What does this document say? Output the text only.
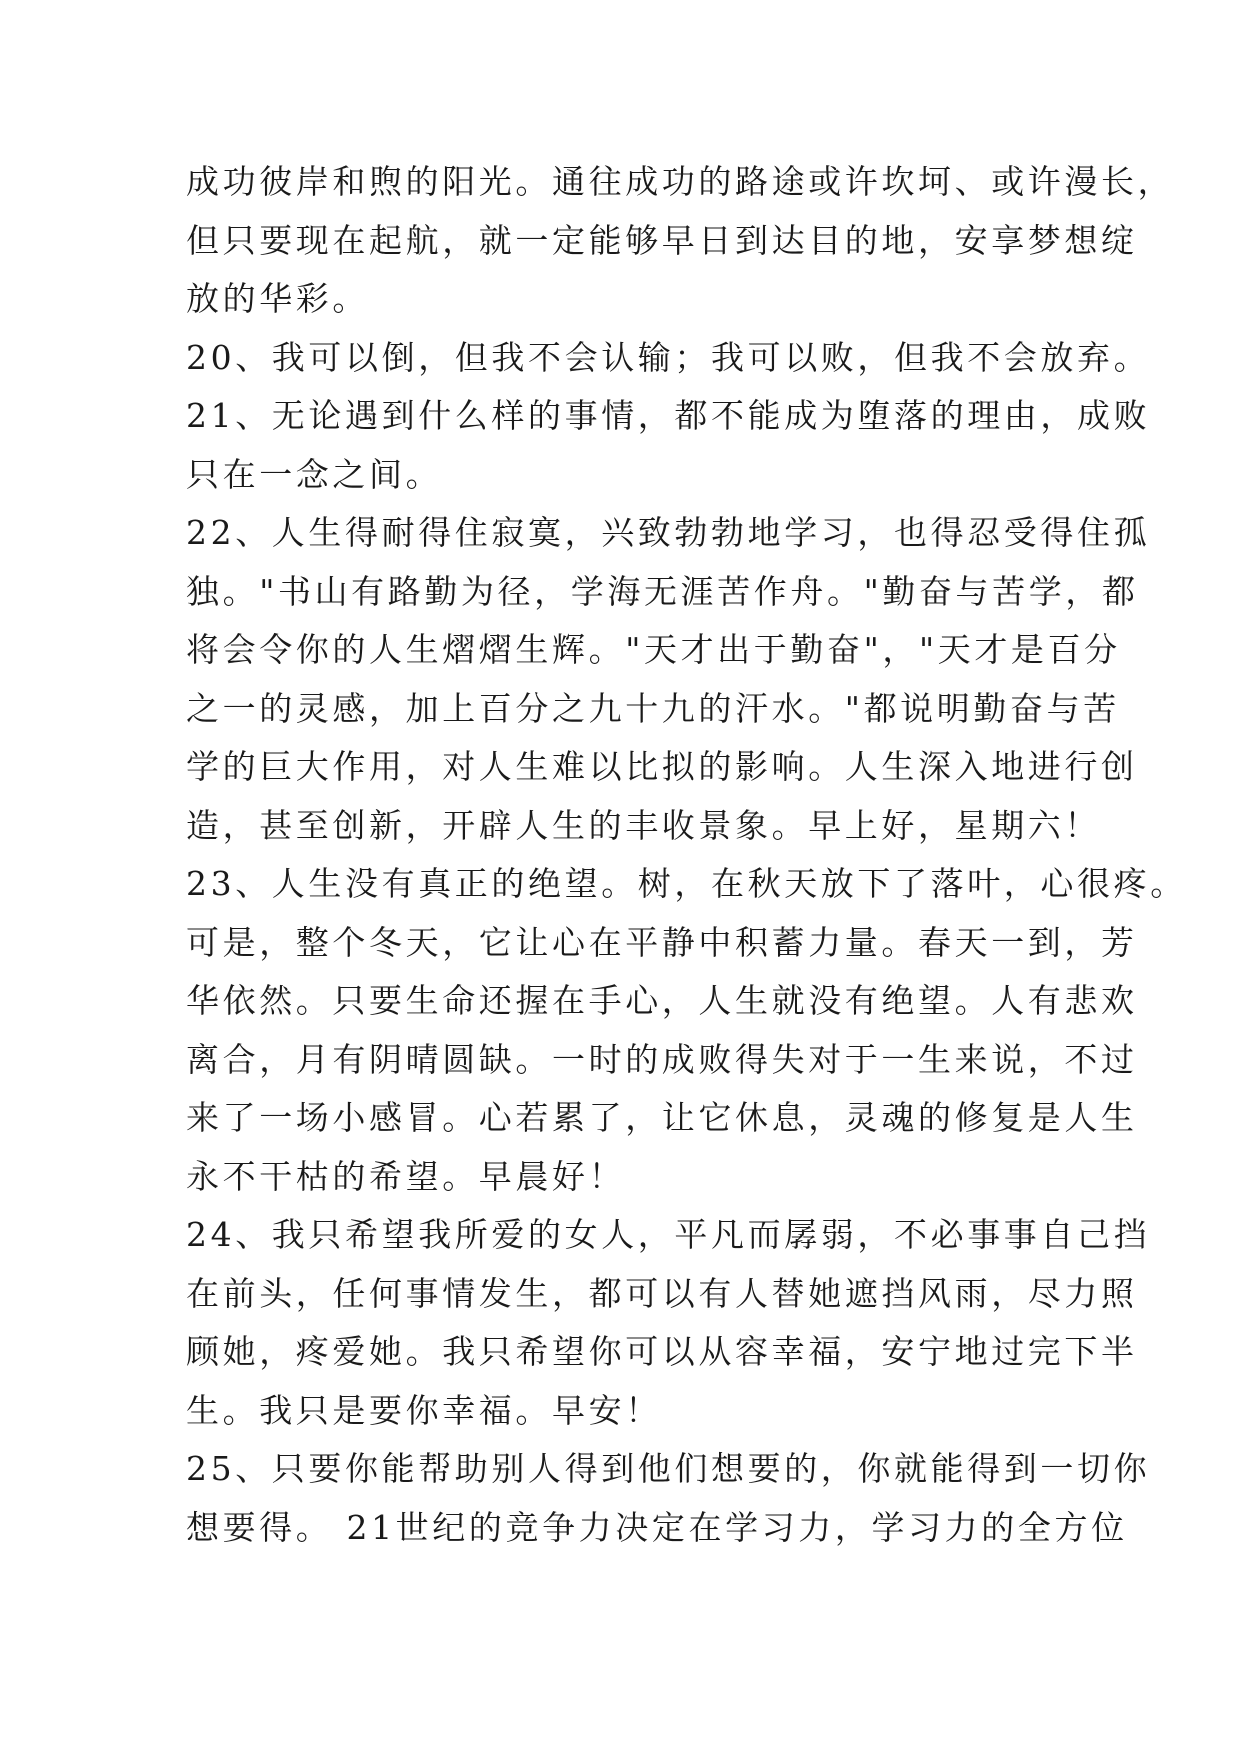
成功彼岸和煦的阳光。通往成功的路途或许坎坷、或许漫长，
但只要现在起航，就一定能够早日到达目的地，安享梦想绽
放的华彩。
20、我可以倒，但我不会认输；我可以败，但我不会放弃。
21、无论遇到什么样的事情，都不能成为堕落的理由，成败
只在一念之间。
22、人生得耐得住寂寞，兴致勃勃地学习，也得忍受得住孤
独。"书山有路勤为径，学海无涯苦作舟。"勤奋与苦学，都
将会令你的人生熠熠生辉。"天才出于勤奋"，"天才是百分
之一的灵感，加上百分之九十九的汗水。"都说明勤奋与苦
学的巨大作用，对人生难以比拟的影响。人生深入地进行创
造，甚至创新，开辟人生的丰收景象。早上好，星期六！
23、人生没有真正的绝望。树，在秋天放下了落叶，心很疼。
可是，整个冬天，它让心在平静中积蓄力量。春天一到，芳
华依然。只要生命还握在手心，人生就没有绝望。人有悲欢
离合，月有阴晴圆缺。一时的成败得失对于一生来说，不过
来了一场小感冒。心若累了，让它休息，灵魂的修复是人生
永不干枯的希望。早晨好！
24、我只希望我所爱的女人，平凡而孱弱，不必事事自己挡
在前头，任何事情发生，都可以有人替她遮挡风雨，尽力照
顾她，疼爱她。我只希望你可以从容幸福，安宁地过完下半
生。我只是要你幸福。早安！
25、只要你能帮助别人得到他们想要的，你就能得到一切你
想要得。 21世纪的竞争力决定在学习力，学习力的全方位
